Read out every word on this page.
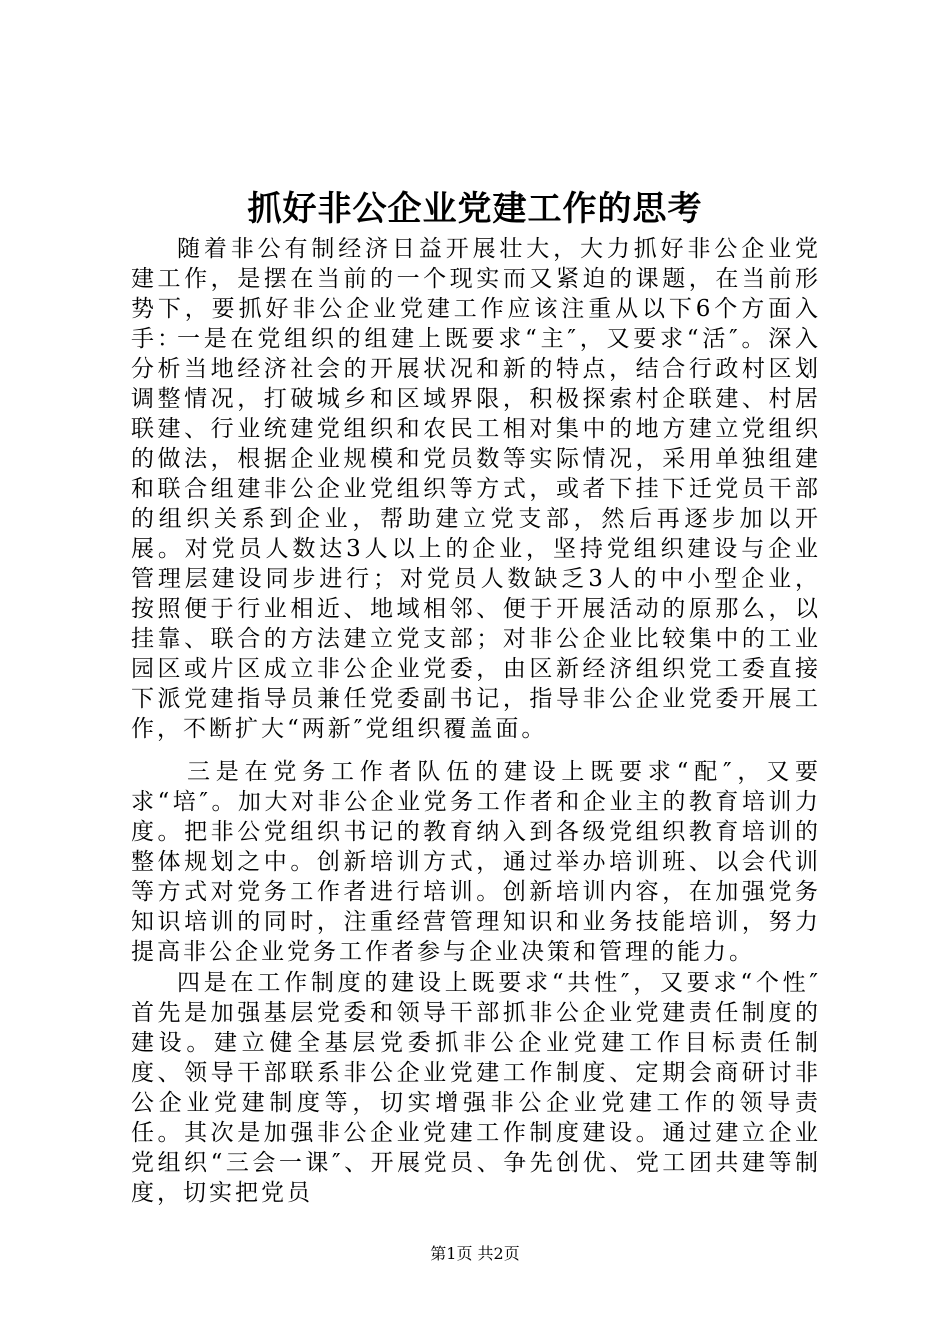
抓好非公企业党建工作的思考
随着非公有制经济日益开展壮大，大力抓好非公企业党建工作，是摆在当前的一个现实而又紧迫的课题，在当前形势下，要抓好非公企业党建工作应该注重从以下6个方面入手：
一是在党组织的组建上既要求“主″，又要求“活″。深入分析当地经济社会的开展状况和新的特点，结合行政村区划调整情况，打破城乡和区域界限，积极探索村企联建、村居联建、行业统建党组织和农民工相对集中的地方建立党组织的做法，根据企业规模和党员数等实际情况，采用单独组建和联合组建非公企业党组织等方式，或者下挂下迁党员干部的组织关系到企业，帮助建立党支部，然后再逐步加以开展。对党员人数达3人以上的企业，坚持党组织建设与企业管理层建设同步进行；对党员人数缺乏3人的中小型企业，按照便于行业相近、地域相邻、便于开展活动的原那么，以挂靠、联合的方法建立党支部；对非公企业比较集中的工业园区或片区成立非公企业党委，由区新经济组织党工委直接下派党建指导员兼任党委副书记，指导非公企业党委开展工作，不断扩大“两新″党组织覆盖面。
三是在党务工作者队伍的建设上既要求“配″，又要求“培″。加大对非公企业党务工作者和企业主的教育培训力度。把非公党组织书记的教育纳入到各级党组织教育培训的整体规划之中。创新培训方式，通过举办培训班、以会代训等方式对党务工作者进行培训。创新培训内容，在加强党务知识培训的同时，注重经营管理知识和业务技能培训，努力提高非公企业党务工作者参与企业决策和管理的能力。
四是在工作制度的建设上既要求“共性″，又要求“个性″首先是加强基层党委和领导干部抓非公企业党建责任制度的建设。建立健全基层党委抓非公企业党建工作目标责任制度、领导干部联系非公企业党建工作制度、定期会商研讨非公企业党建制度等，切实增强非公企业党建工作的领导责任。其次是加强非公企业党建工作制度建设。通过建立企业党组织“三会一课″、开展党员、争先创优、党工团共建等制度，切实把党员
第1页 共2页
